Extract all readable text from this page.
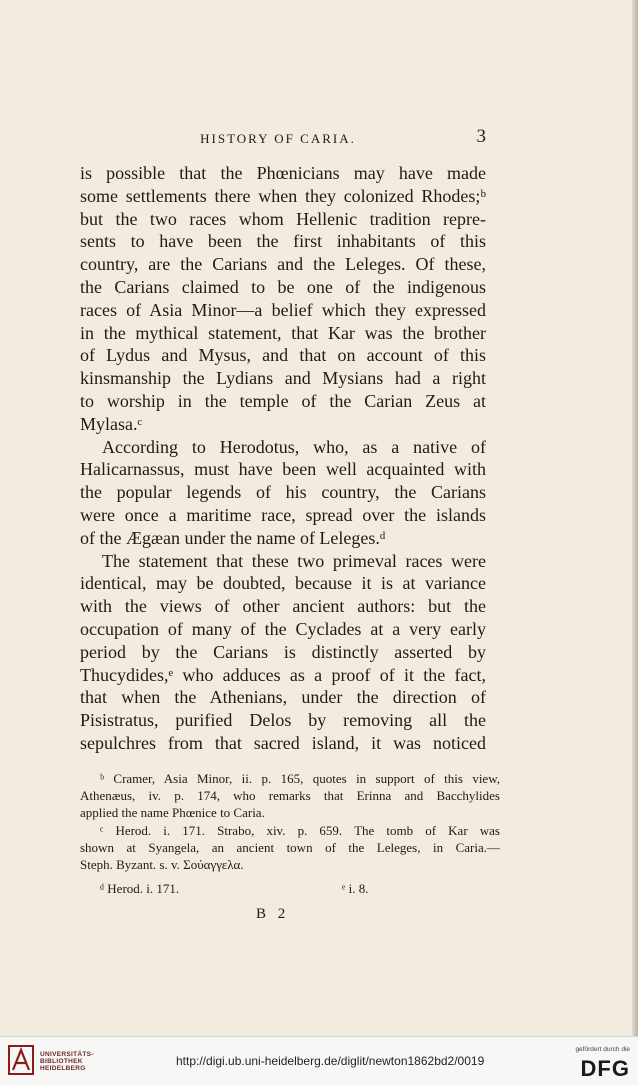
HISTORY OF CARIA.	3
is possible that the Phœnicians may have made
some settlements there when they colonized Rhodes;ᵇ
but the two races whom Hellenic tradition repre-
sents to have been the first inhabitants of this
country, are the Carians and the Leleges. Of these,
the Carians claimed to be one of the indigenous
races of Asia Minor—a belief which they expressed
in the mythical statement, that Kar was the brother
of Lydus and Mysus, and that on account of this
kinsmanship the Lydians and Mysians had a right
to worship in the temple of the Carian Zeus at
Mylasa.ᶜ
According to Herodotus, who, as a native of
Halicarnassus, must have been well acquainted with
the popular legends of his country, the Carians
were once a maritime race, spread over the islands
of the Ægæan under the name of Leleges.ᵈ
The statement that these two primeval races were
identical, may be doubted, because it is at variance
with the views of other ancient authors: but the
occupation of many of the Cyclades at a very early
period by the Carians is distinctly asserted by
Thucydides,ᵉ who adduces as a proof of it the fact,
that when the Athenians, under the direction of
Pisistratus, purified Delos by removing all the
sepulchres from that sacred island, it was noticed
ᵇ Cramer, Asia Minor, ii. p. 165, quotes in support of this view,
Athenæus, iv. p. 174, who remarks that Erinna and Bacchylides
applied the name Phœnice to Caria.
ᶜ Herod. i. 171. Strabo, xiv. p. 659. The tomb of Kar was
shown at Syangela, an ancient town of the Leleges, in Caria.—
Steph. Byzant. s. v. Σούαγγελα.
ᵈ Herod. i. 171.	ᵉ i. 8.
B 2
UNIVERSITÄTS-
BIBLIOTHEK
HEIDELBERG
http://digi.ub.uni-heidelberg.de/diglit/newton1862bd2/0019
gefördert durch die
DFG
